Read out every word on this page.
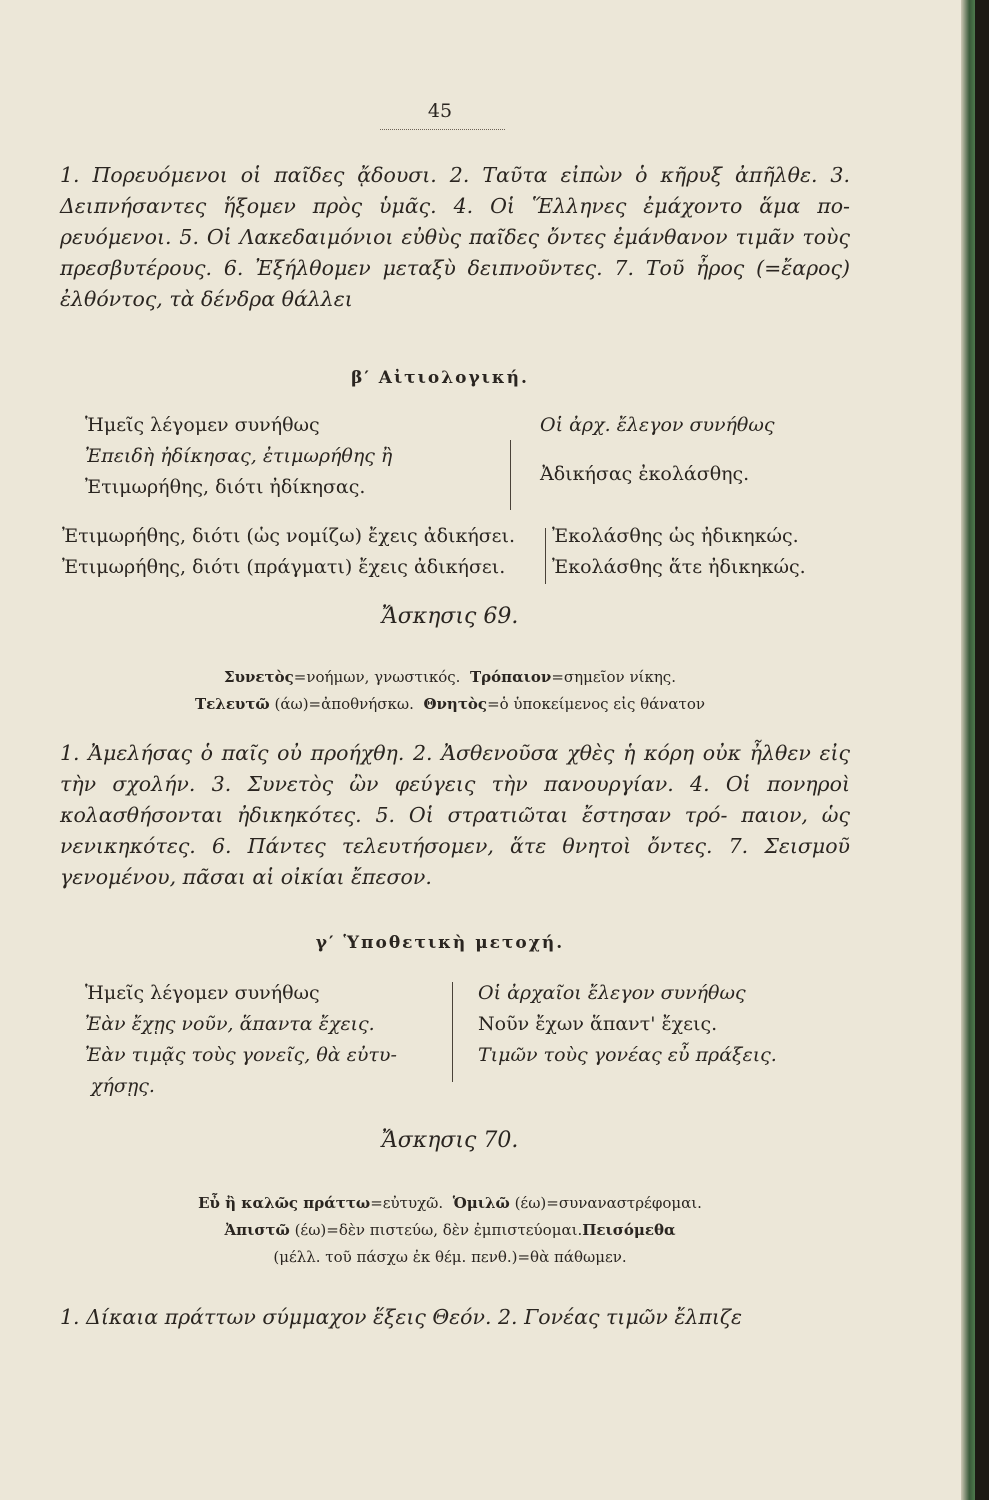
45

1. Πορευόμενοι οἱ παῖδες ᾄδουσι. 2. Ταῦτα εἰπὼν ὁ κῆρυξ ἀπῆλθε. 3. Δειπνήσαντες ἥξομεν πρὸς ὑμᾶς. 4. Οἱ Ἕλληνες ἐμάχοντο ἅμα πο- ρευόμενοι. 5. Οἱ Λακεδαιμόνιοι εὐθὺς παῖδες ὄντες ἐμάνθανον τιμᾶν τοὺς πρεσβυτέρους. 6. Ἐξήλθομεν μεταξὺ δειπνοῦντες. 7. Τοῦ ἦρος (=ἔαρος) ἐλθόντος, τὰ δένδρα θάλλει

β′ Αἰτιολογική.
Ἡμεῖς λέγομεν συνήθως
Ἐπειδὴ ἠδίκησας, ἐτιμωρήθης ἢ
Ἐτιμωρήθης, διότι ἠδίκησας.
Οἱ ἀρχ. ἔλεγον συνήθως
Ἀδικήσας ἐκολάσθης.
Ἐτιμωρήθης, διότι (ὡς νομίζω) ἔχεις ἀδικήσει.
Ἐτιμωρήθης, διότι (πράγματι) ἔχεις ἀδικήσει.
Ἐκολάσθης ὡς ἠδικηκώς.
Ἐκολάσθης ἅτε ἠδικηκώς.
Ἄσκησις 69.
Συνετὸς=νοήμων, γνωστικός. Τρόπαιον=σημεῖον νίκης.
Τελευτῶ (άω)=ἀποθνήσκω. Θνητὸς=ὁ ὑποκείμενος εἰς θάνατον

1. Ἀμελήσας ὁ παῖς οὐ προήχθη. 2. Ἀσθενοῦσα χθὲς ἡ κόρη οὐκ ἦλθεν εἰς τὴν σχολήν. 3. Συνετὸς ὢν φεύγεις τὴν πανουργίαν. 4. Οἱ πονηροὶ κολασθήσονται ἠδικηκότες. 5. Οἱ στρατιῶται ἔστησαν τρό- παιον, ὡς νενικηκότες. 6. Πάντες τελευτήσομεν, ἅτε θνητοὶ ὄντες. 7. Σεισμοῦ γενομένου, πᾶσαι αἱ οἰκίαι ἔπεσον.

γ′ Ὑποθετικὴ μετοχή.
Ἡμεῖς λέγομεν συνήθως
Ἐὰν ἔχῃς νοῦν, ἅπαντα ἔχεις.
Ἐὰν τιμᾷς τοὺς γονεῖς, θὰ εὐτυ-
χήσῃς.
Οἱ ἀρχαῖοι ἔλεγον συνήθως
Νοῦν ἔχων ἅπαντ' ἔχεις.
Τιμῶν τοὺς γονέας εὖ πράξεις.
Ἄσκησις 70.
Εὖ ἢ καλῶς πράττω=εὐτυχῶ. Ὁμιλῶ (έω)=συναναστρέφομαι.
Ἀπιστῶ (έω)=δὲν πιστεύω, δὲν ἐμπιστεύομαι.Πεισόμεθα
(μέλλ. τοῦ πάσχω ἐκ θέμ. πενθ.)=θὰ πάθωμεν.

1. Δίκαια πράττων σύμμαχον ἕξεις Θεόν. 2. Γονέας τιμῶν ἔλπιζε
